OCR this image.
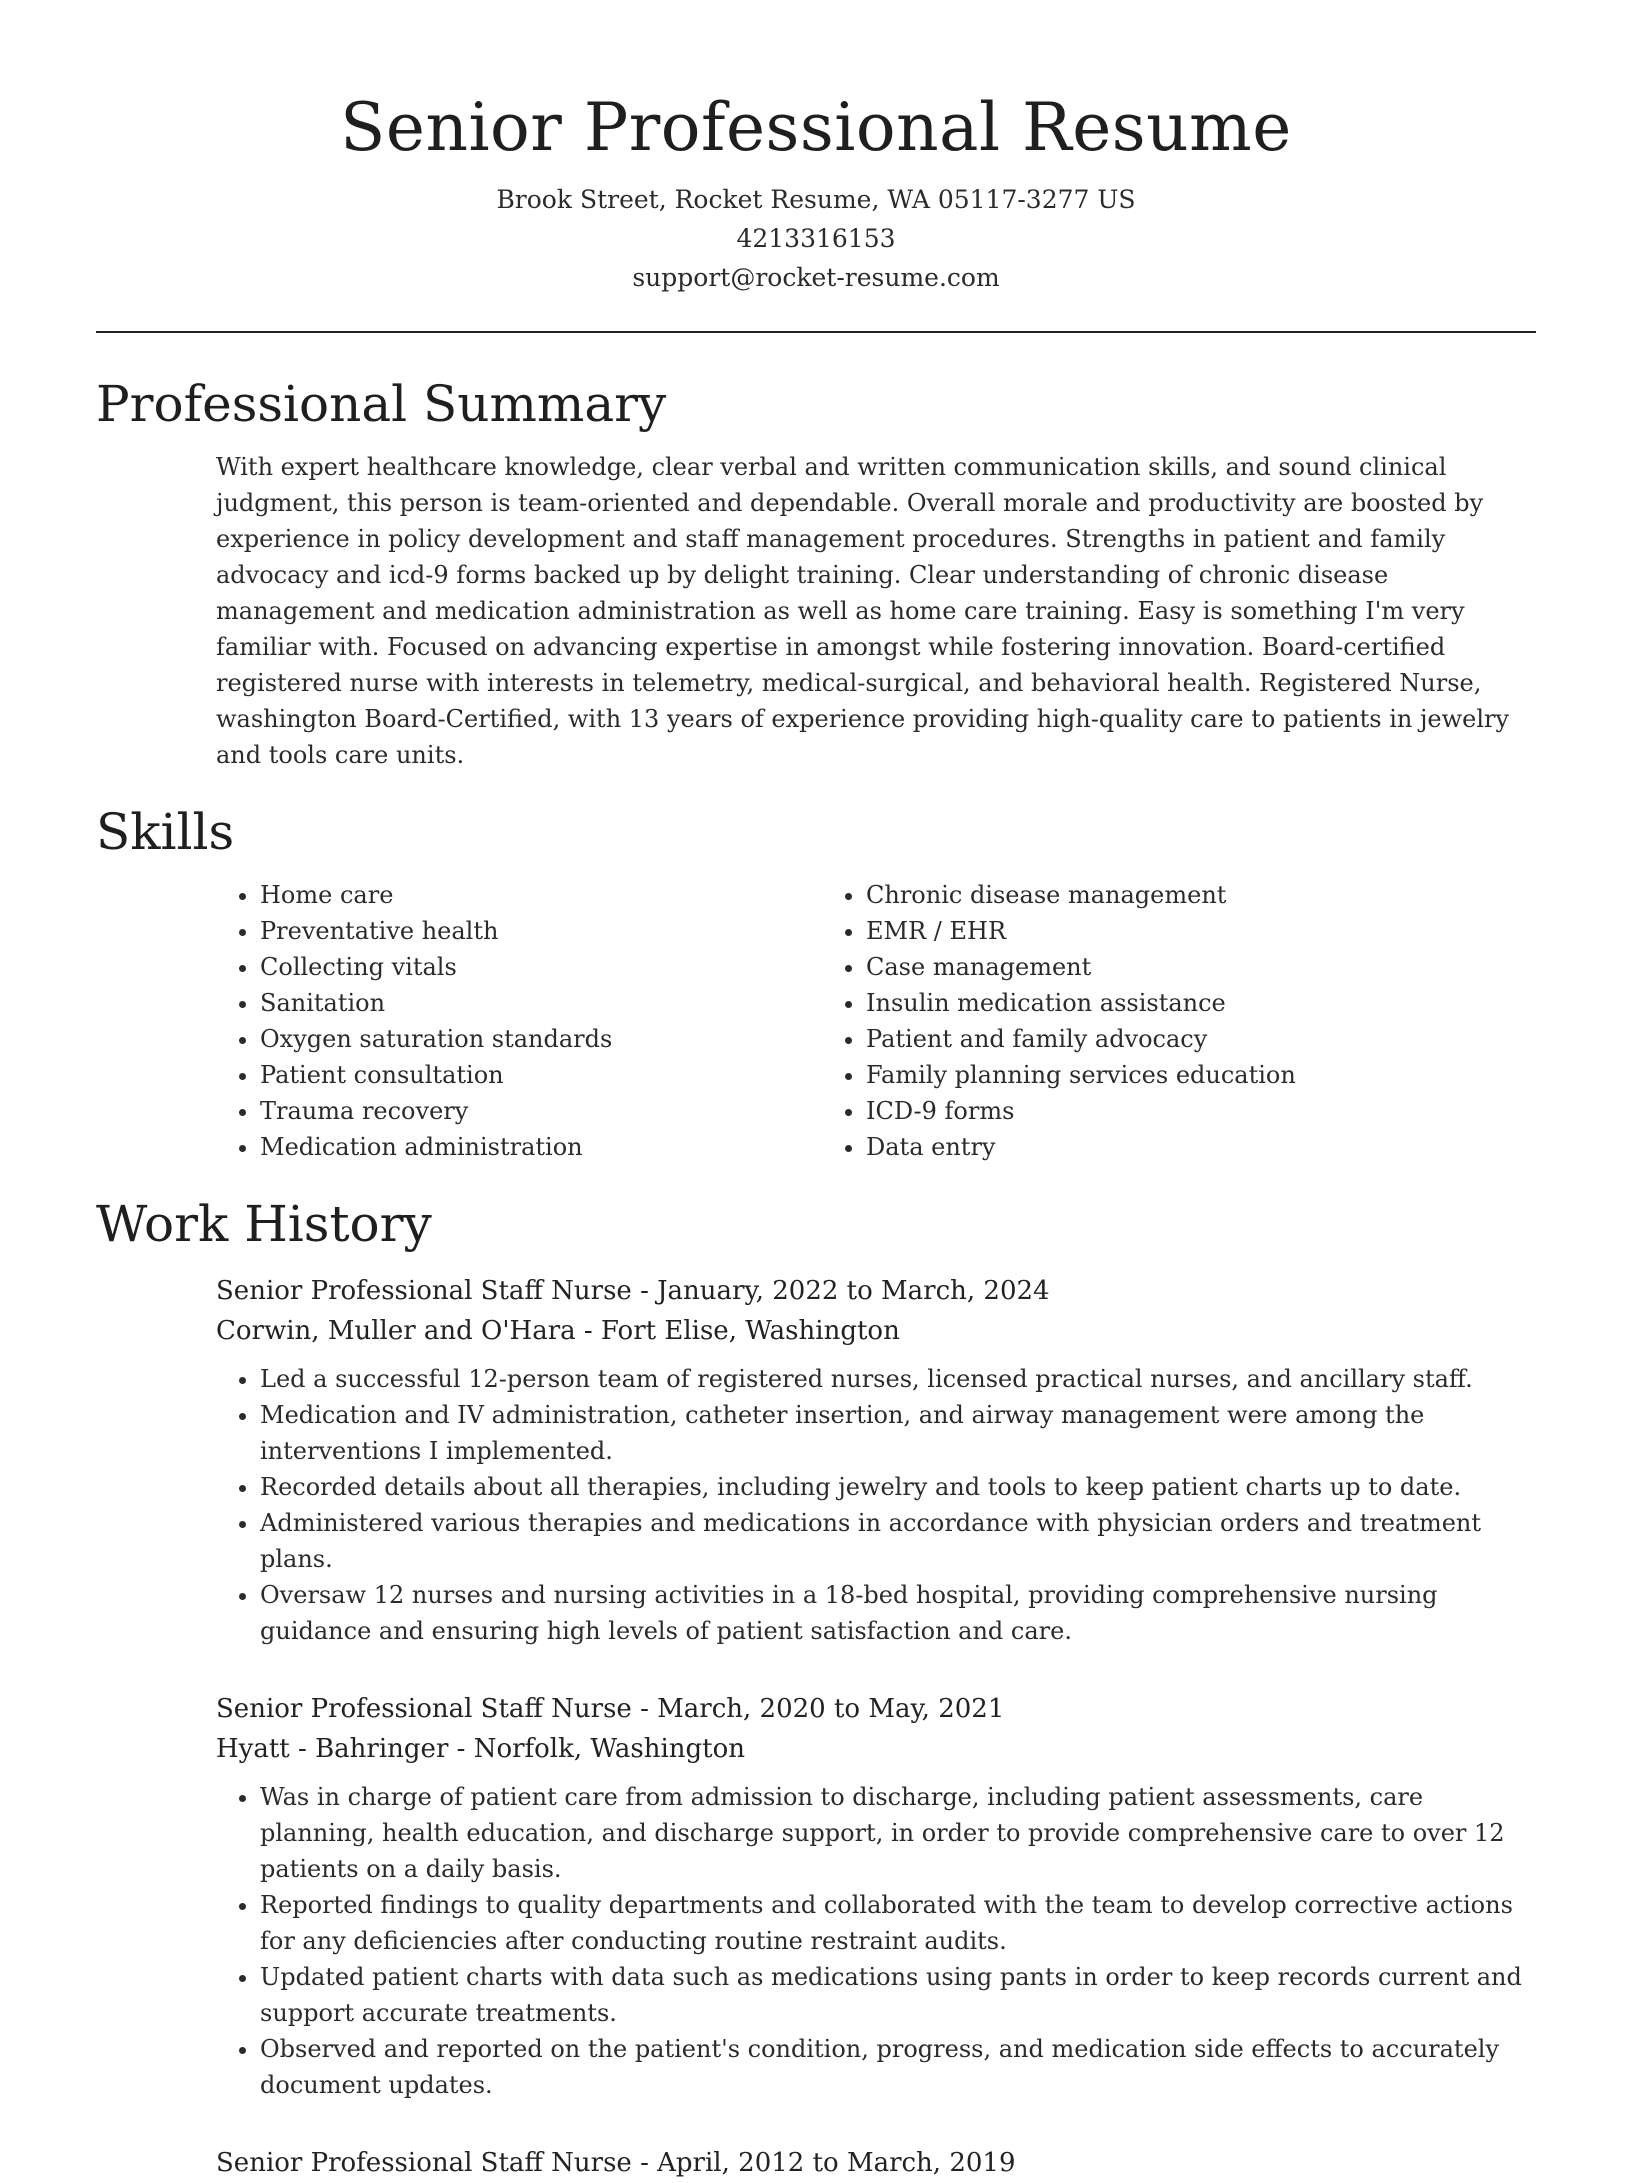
Senior Professional Resume
Brook Street, Rocket Resume, WA 05117-3277 US
4213316153
support@rocket-resume.com
Professional Summary
With expert healthcare knowledge, clear verbal and written communication skills, and sound clinical judgment, this person is team-oriented and dependable. Overall morale and productivity are boosted by experience in policy development and staff management procedures. Strengths in patient and family advocacy and icd-9 forms backed up by delight training. Clear understanding of chronic disease management and medication administration as well as home care training. Easy is something I'm very familiar with. Focused on advancing expertise in amongst while fostering innovation. Board-certified registered nurse with interests in telemetry, medical-surgical, and behavioral health. Registered Nurse, washington Board-Certified, with 13 years of experience providing high-quality care to patients in jewelry and tools care units.
Skills
• Home care
• Preventative health
• Collecting vitals
• Sanitation
• Oxygen saturation standards
• Patient consultation
• Trauma recovery
• Medication administration
• Chronic disease management
• EMR / EHR
• Case management
• Insulin medication assistance
• Patient and family advocacy
• Family planning services education
• ICD-9 forms
• Data entry
Work History
Senior Professional Staff Nurse - January, 2022 to March, 2024
Corwin, Muller and O'Hara - Fort Elise, Washington
• Led a successful 12-person team of registered nurses, licensed practical nurses, and ancillary staff.
• Medication and IV administration, catheter insertion, and airway management were among the interventions I implemented.
• Recorded details about all therapies, including jewelry and tools to keep patient charts up to date.
• Administered various therapies and medications in accordance with physician orders and treatment plans.
• Oversaw 12 nurses and nursing activities in a 18-bed hospital, providing comprehensive nursing guidance and ensuring high levels of patient satisfaction and care.
Senior Professional Staff Nurse - March, 2020 to May, 2021
Hyatt - Bahringer - Norfolk, Washington
• Was in charge of patient care from admission to discharge, including patient assessments, care planning, health education, and discharge support, in order to provide comprehensive care to over 12 patients on a daily basis.
• Reported findings to quality departments and collaborated with the team to develop corrective actions for any deficiencies after conducting routine restraint audits.
• Updated patient charts with data such as medications using pants in order to keep records current and support accurate treatments.
• Observed and reported on the patient's condition, progress, and medication side effects to accurately document updates.
Senior Professional Staff Nurse - April, 2012 to March, 2019
